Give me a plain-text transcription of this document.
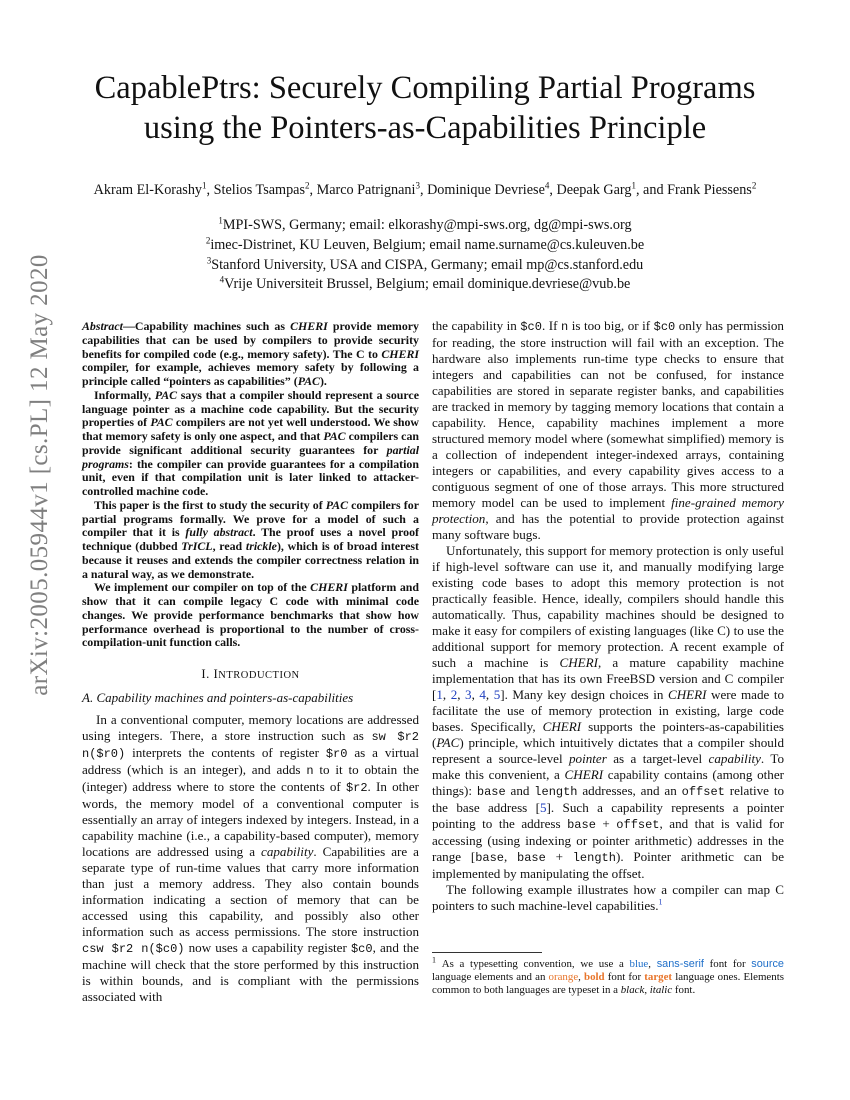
arXiv:2005.05944v1 [cs.PL] 12 May 2020
CapablePtrs: Securely Compiling Partial Programs
using the Pointers-as-Capabilities Principle
Akram El-Korashy$^1$, Stelios Tsampas$^2$, Marco Patrignani$^3$, Dominique Devriese$^4$, Deepak Garg$^1$, and Frank Piessens$^2$
$^1$MPI-SWS, Germany; email: elkorashy@mpi-sws.org, dg@mpi-sws.org
$^2$imec-Distrinet, KU Leuven, Belgium; email name.surname@cs.kuleuven.be
$^3$Stanford University, USA and CISPA, Germany; email mp@cs.stanford.edu
$^4$Vrije Universiteit Brussel, Belgium; email dominique.devriese@vub.be

Abstract—Capability machines such as CHERI provide memory capabilities that can be used by compilers to provide security benefits for compiled code (e.g., memory safety). The C to CHERI compiler, for example, achieves memory safety by following a principle called “pointers as capabilities” (PAC).

Informally, PAC says that a compiler should represent a source language pointer as a machine code capability. But the security properties of PAC compilers are not yet well understood. We show that memory safety is only one aspect, and that PAC compilers can provide significant additional security guarantees for partial programs: the compiler can provide guarantees for a compilation unit, even if that compilation unit is later linked to attacker-controlled machine code.

This paper is the first to study the security of PAC compilers for partial programs formally. We prove for a model of such a compiler that it is fully abstract. The proof uses a novel proof technique (dubbed TrICL, read trickle), which is of broad interest because it reuses and extends the compiler correctness relation in a natural way, as we demonstrate.

We implement our compiler on top of the CHERI platform and show that it can compile legacy C code with minimal code changes. We provide performance benchmarks that show how performance overhead is proportional to the number of cross-compilation-unit function calls.

I. INTRODUCTION
A. Capability machines and pointers-as-capabilities

In a conventional computer, memory locations are addressed using integers. There, a store instruction such as sw $r2 n($r0) interprets the contents of register $r0 as a virtual address (which is an integer), and adds n to it to obtain the (integer) address where to store the contents of $r2. In other words, the memory model of a conventional computer is essentially an array of integers indexed by integers. Instead, in a capability machine (i.e., a capability-based computer), memory locations are addressed using a capability. Capabilities are a separate type of run-time values that carry more information than just a memory address. They also contain bounds information indicating a section of memory that can be accessed using this capability, and possibly also other information such as access permissions. The store instruction csw $r2 n($c0) now uses a capability register $c0, and the machine will check that the store performed by this instruction is within bounds, and is compliant with the permissions associated with

the capability in $c0. If n is too big, or if $c0 only has permission for reading, the store instruction will fail with an exception. The hardware also implements run-time type checks to ensure that integers and capabilities can not be confused, for instance capabilities are stored in separate register banks, and capabilities are tracked in memory by tagging memory locations that contain a capability. Hence, capability machines implement a more structured memory model where (somewhat simplified) memory is a collection of independent integer-indexed arrays, containing integers or capabilities, and every capability gives access to a contiguous segment of one of those arrays. This more structured memory model can be used to implement fine-grained memory protection, and has the potential to provide protection against many software bugs.

Unfortunately, this support for memory protection is only useful if high-level software can use it, and manually modifying large existing code bases to adopt this memory protection is not practically feasible. Hence, ideally, compilers should handle this automatically. Thus, capability machines should be designed to make it easy for compilers of existing languages (like C) to use the additional support for memory protection. A recent example of such a machine is CHERI, a mature capability machine implementation that has its own FreeBSD version and C compiler [1, 2, 3, 4, 5]. Many key design choices in CHERI were made to facilitate the use of memory protection in existing, large code bases. Specifically, CHERI supports the pointers-as-capabilities (PAC) principle, which intuitively dictates that a compiler should represent a source-level pointer as a target-level capability. To make this convenient, a CHERI capability contains (among other things): base and length addresses, and an offset relative to the base address [5]. Such a capability represents a pointer pointing to the address base + offset, and that is valid for accessing (using indexing or pointer arithmetic) addresses in the range [base, base + length). Pointer arithmetic can be implemented by manipulating the offset.

The following example illustrates how a compiler can map C pointers to such machine-level capabilities.$^1$

$^1$ As a typesetting convention, we use a blue, sans-serif font for source language elements and an orange, bold font for target language ones. Elements common to both languages are typeset in a black, italic font.
